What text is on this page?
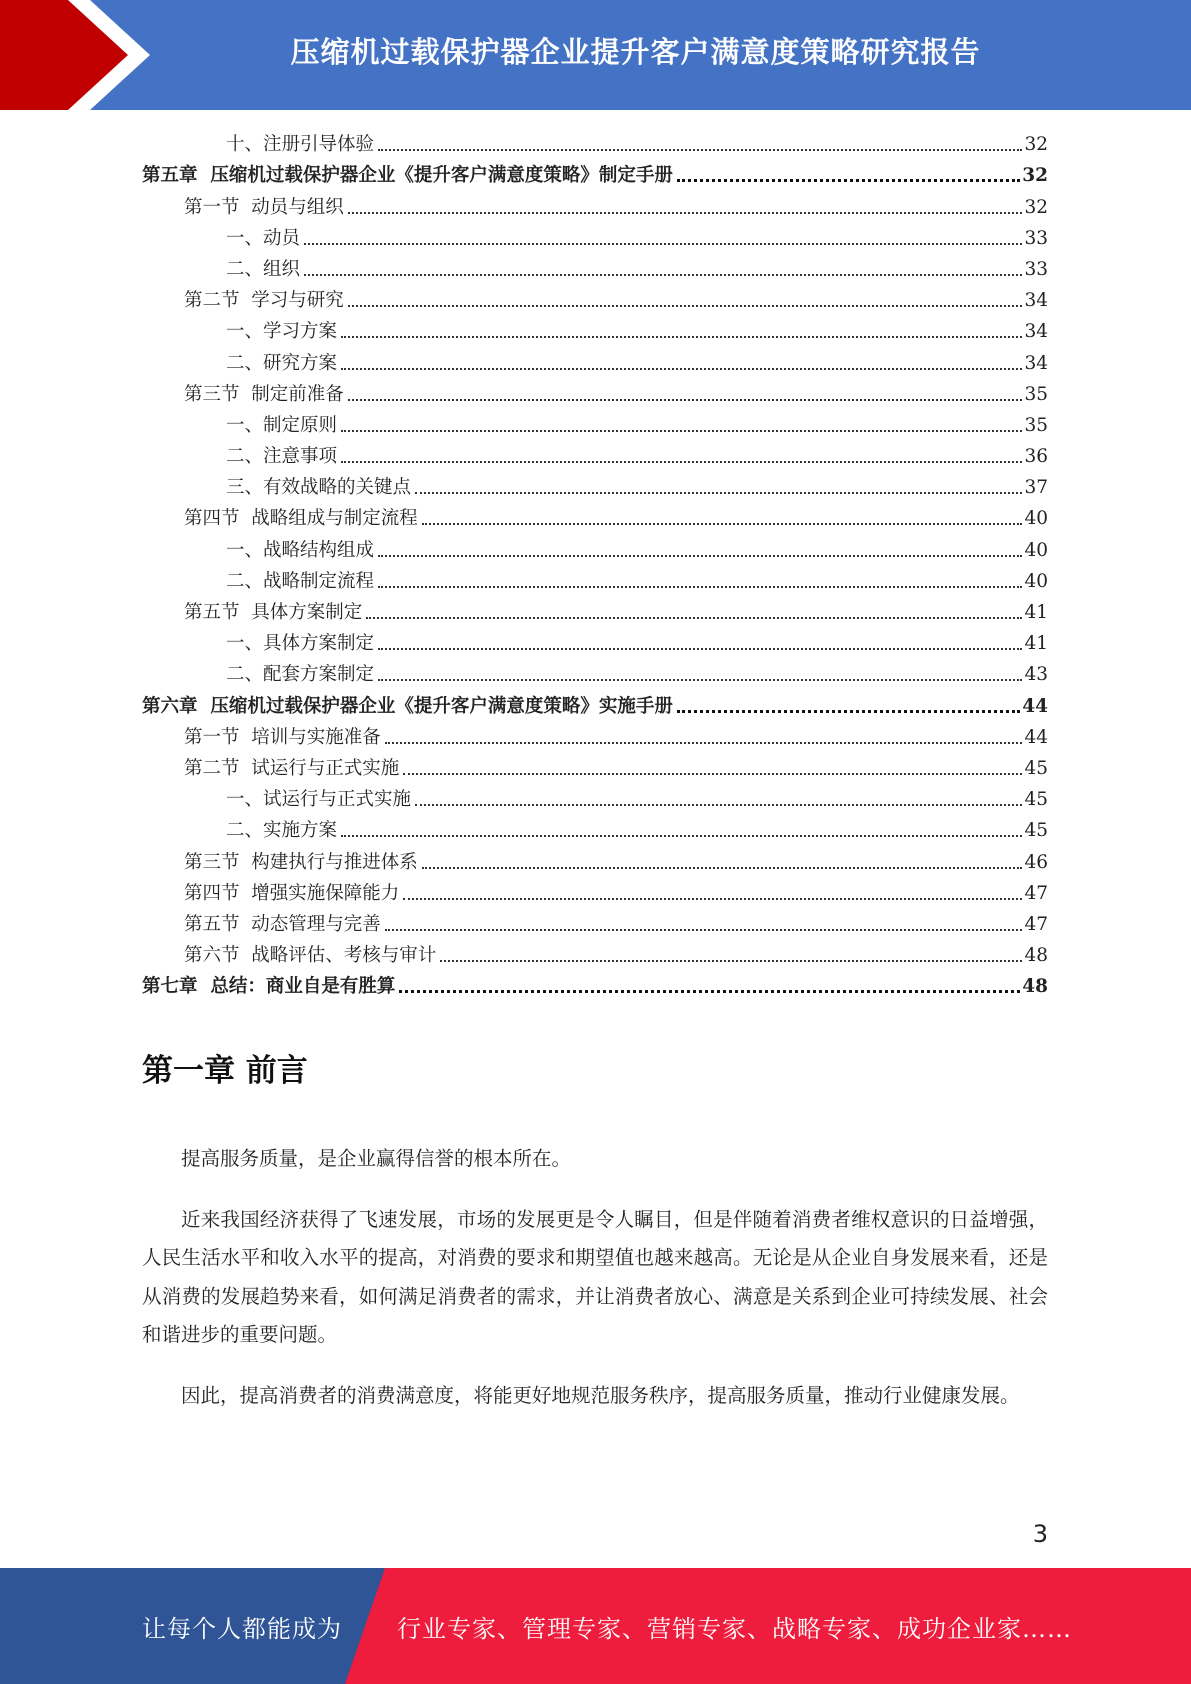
压缩机过载保护器企业提升客户满意度策略研究报告
十、注册引导体验	32
第五章  压缩机过载保护器企业《提升客户满意度策略》制定手册	32
第一节  动员与组织	32
一、动员	33
二、组织	33
第二节  学习与研究	34
一、学习方案	34
二、研究方案	34
第三节  制定前准备	35
一、制定原则	35
二、注意事项	36
三、有效战略的关键点	37
第四节  战略组成与制定流程	40
一、战略结构组成	40
二、战略制定流程	40
第五节  具体方案制定	41
一、具体方案制定	41
二、配套方案制定	43
第六章  压缩机过载保护器企业《提升客户满意度策略》实施手册	44
第一节  培训与实施准备	44
第二节  试运行与正式实施	45
一、试运行与正式实施	45
二、实施方案	45
第三节  构建执行与推进体系	46
第四节  增强实施保障能力	47
第五节  动态管理与完善	47
第六节  战略评估、考核与审计	48
第七章  总结：商业自是有胜算	48
第一章 前言

提高服务质量，是企业赢得信誉的根本所在。

近来我国经济获得了飞速发展，市场的发展更是令人瞩目，但是伴随着消费者维权意识的日益增强，人民生活水平和收入水平的提高，对消费的要求和期望值也越来越高。无论是从企业自身发展来看，还是从消费的发展趋势来看，如何满足消费者的需求，并让消费者放心、满意是关系到企业可持续发展、社会和谐进步的重要问题。

因此，提高消费者的消费满意度，将能更好地规范服务秩序，提高服务质量，推动行业健康发展。

3
让每个人都能成为 行业专家、管理专家、营销专家、战略专家、成功企业家……
